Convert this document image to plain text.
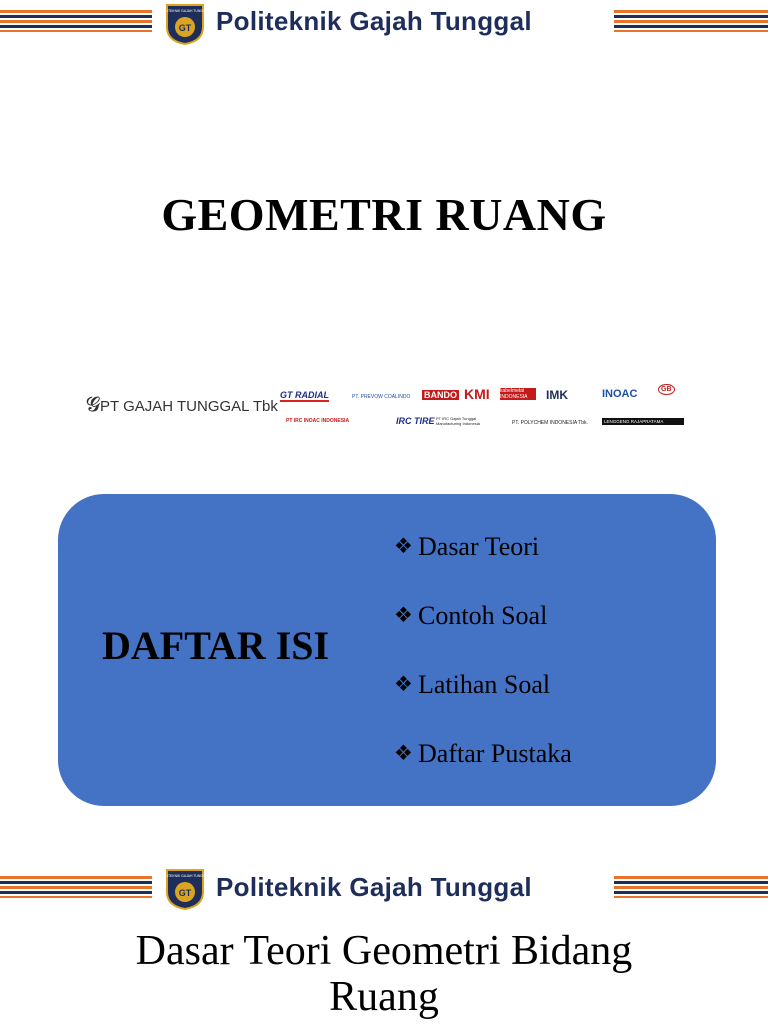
GT
POLITEKNIK GAJAH TUNGGAL Politeknik Gajah Tunggal
GEOMETRI RUANG
𝓖PT GAJAH TUNGGAL Tbk
GT RADIAL	PT. PREVOW COALINDO BANDO KMI kabelmetal INDONESIA	IMK	INOAC	GB
PT IRC INOAC INDONESIA	IRC TIRE PT IRC Gajah Tunggal Manufacturing Indonesia	PT. POLYCHEM INDONESIA Tbk.	LENGGENG RAJAPRATAMA
DAFTAR ISI
❖ Dasar Teori
❖ Contoh Soal
❖ Latihan Soal
❖ Daftar Pustaka
GT
POLITEKNIK GAJAH TUNGGAL Politeknik Gajah Tunggal
Dasar Teori Geometri Bidang
Ruang
